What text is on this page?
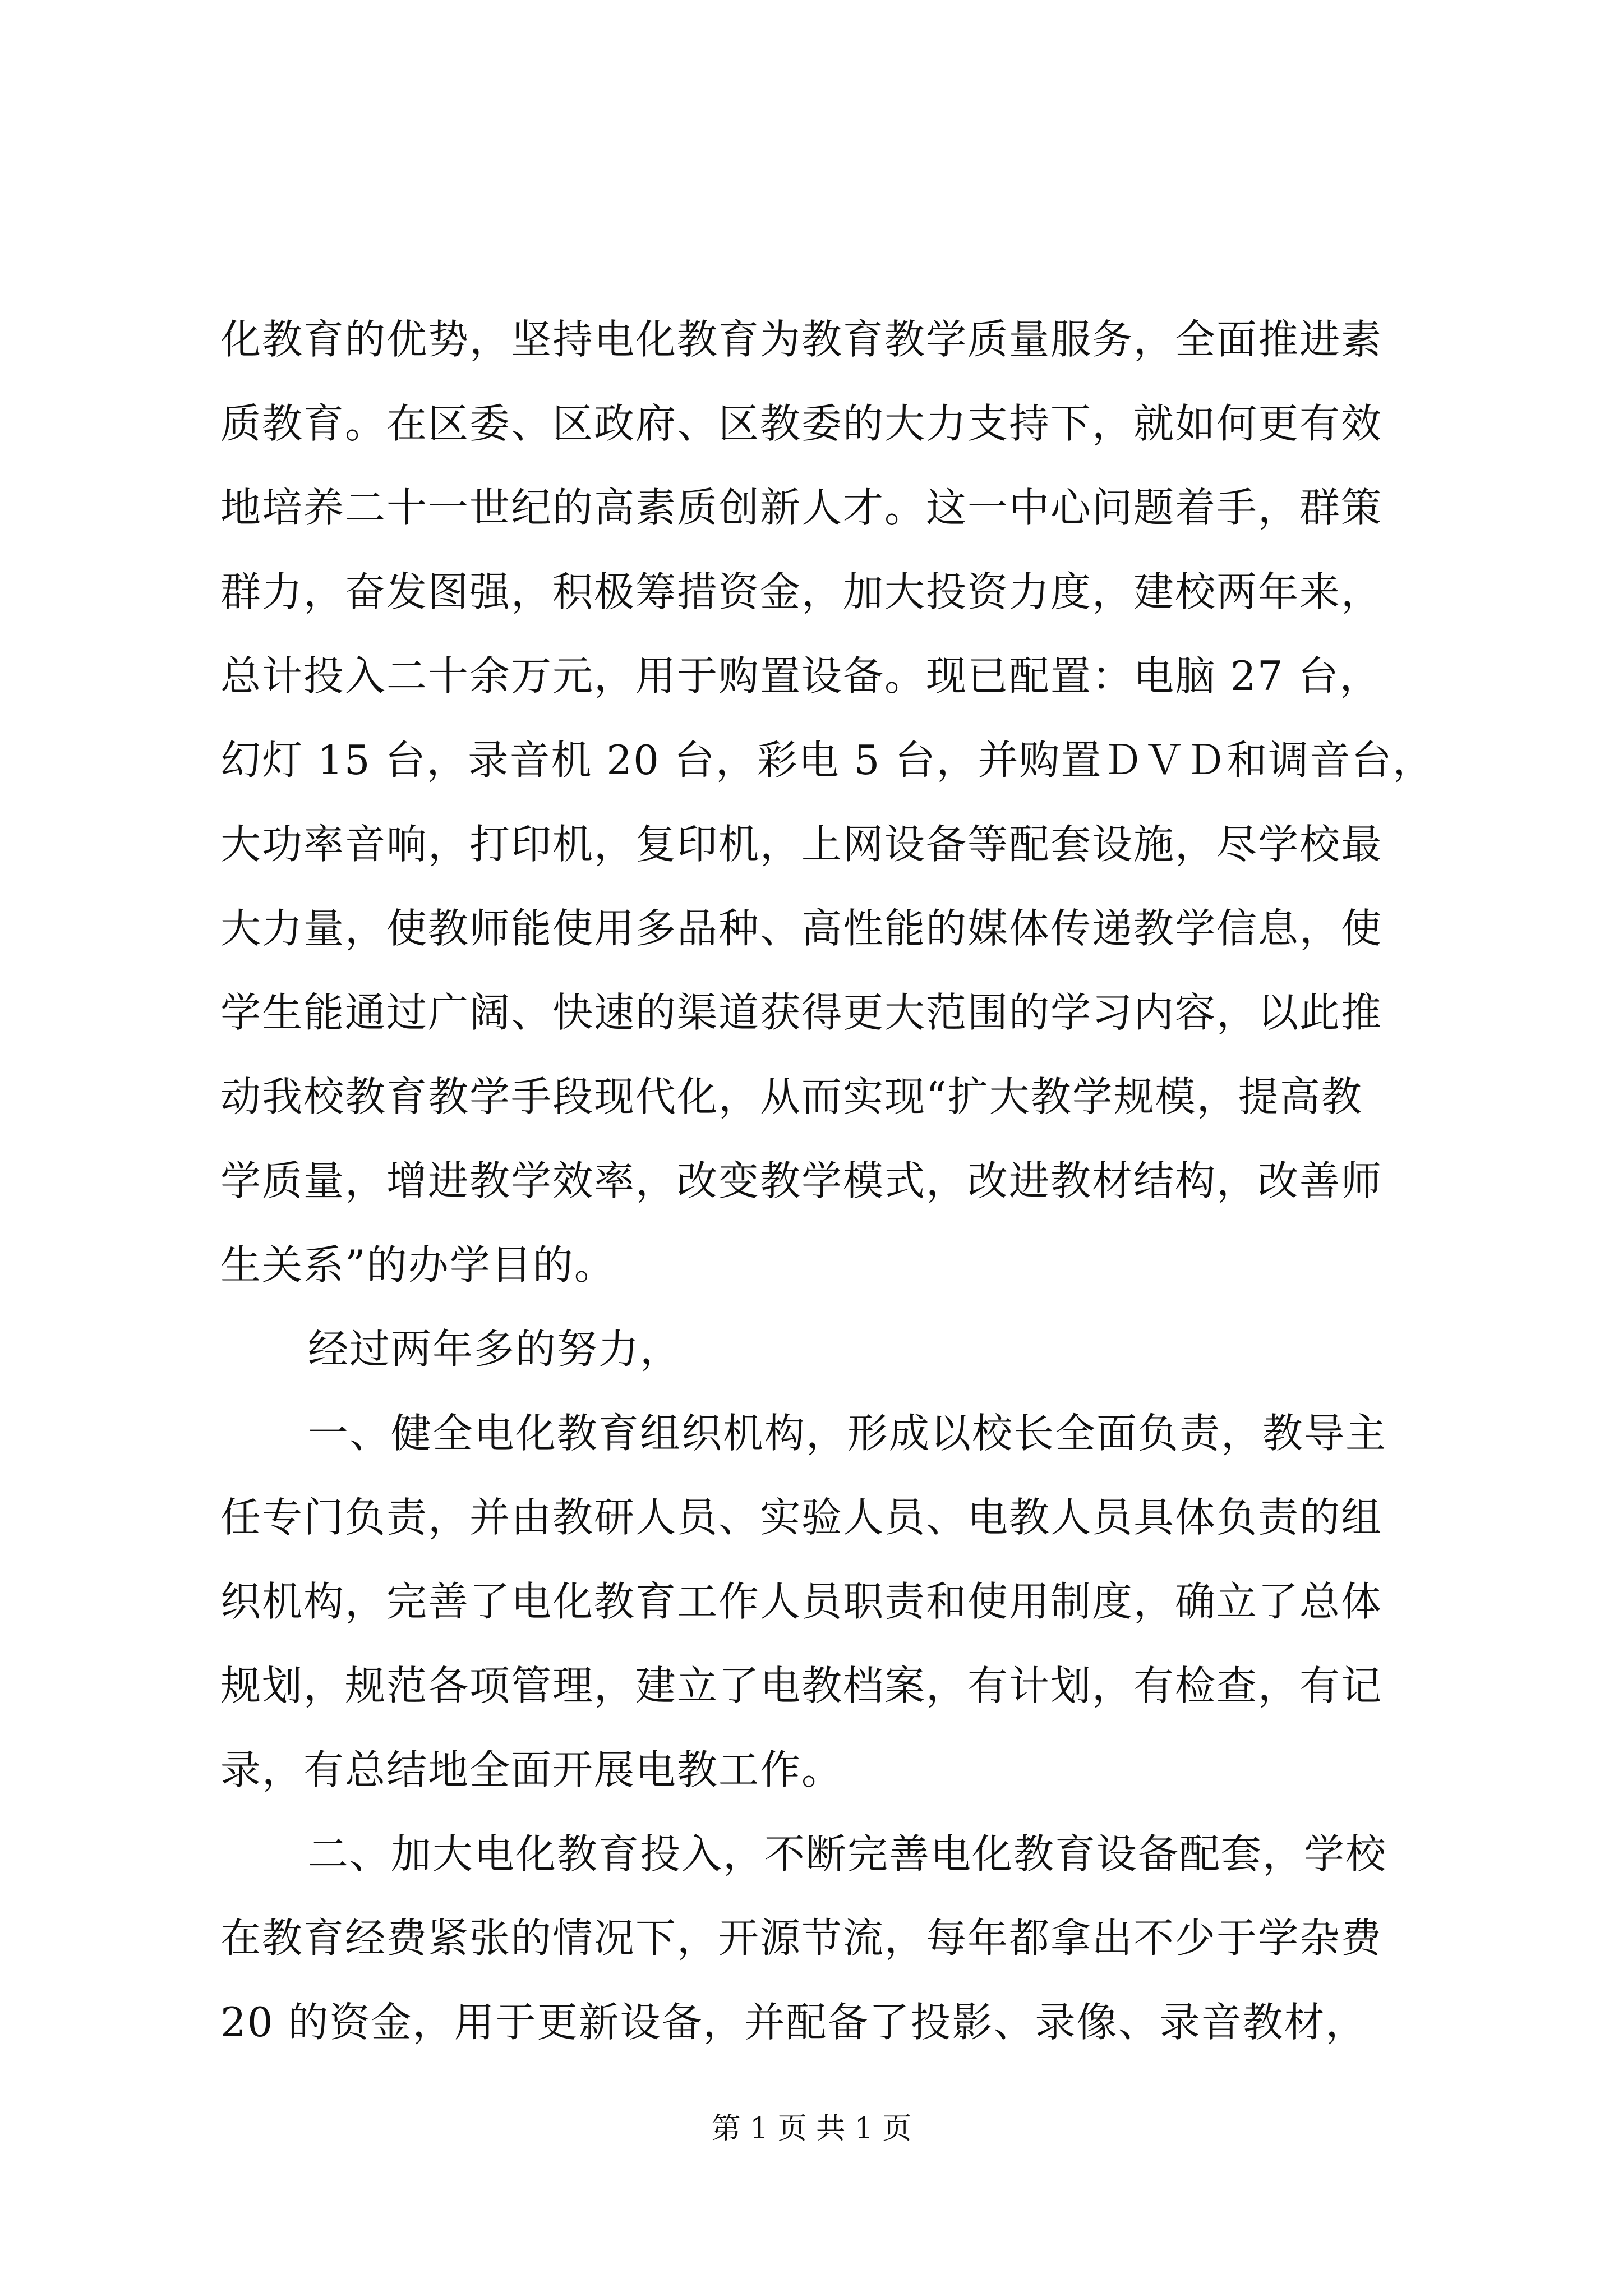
化教育的优势，坚持电化教育为教育教学质量服务，全面推进素
质教育。在区委、区政府、区教委的大力支持下，就如何更有效
地培养二十一世纪的高素质创新人才。这一中心问题着手，群策
群力，奋发图强，积极筹措资金，加大投资力度，建校两年来，
总计投入二十余万元，用于购置设备。现已配置：电脑 27 台，
幻灯 15 台，录音机 20 台，彩电 5 台，并购置ＤＶＤ和调音台，
大功率音响，打印机，复印机，上网设备等配套设施，尽学校最
大力量，使教师能使用多品种、高性能的媒体传递教学信息，使
学生能通过广阔、快速的渠道获得更大范围的学习内容，以此推
动我校教育教学手段现代化，从而实现“扩大教学规模，提高教
学质量，增进教学效率，改变教学模式，改进教材结构，改善师
生关系”的办学目的。
经过两年多的努力，
一、健全电化教育组织机构，形成以校长全面负责，教导主
任专门负责，并由教研人员、实验人员、电教人员具体负责的组
织机构，完善了电化教育工作人员职责和使用制度，确立了总体
规划，规范各项管理，建立了电教档案，有计划，有检查，有记
录，有总结地全面开展电教工作。
二、加大电化教育投入，不断完善电化教育设备配套，学校
在教育经费紧张的情况下，开源节流，每年都拿出不少于学杂费
20 的资金，用于更新设备，并配备了投影、录像、录音教材，
第 1 页 共 1 页
